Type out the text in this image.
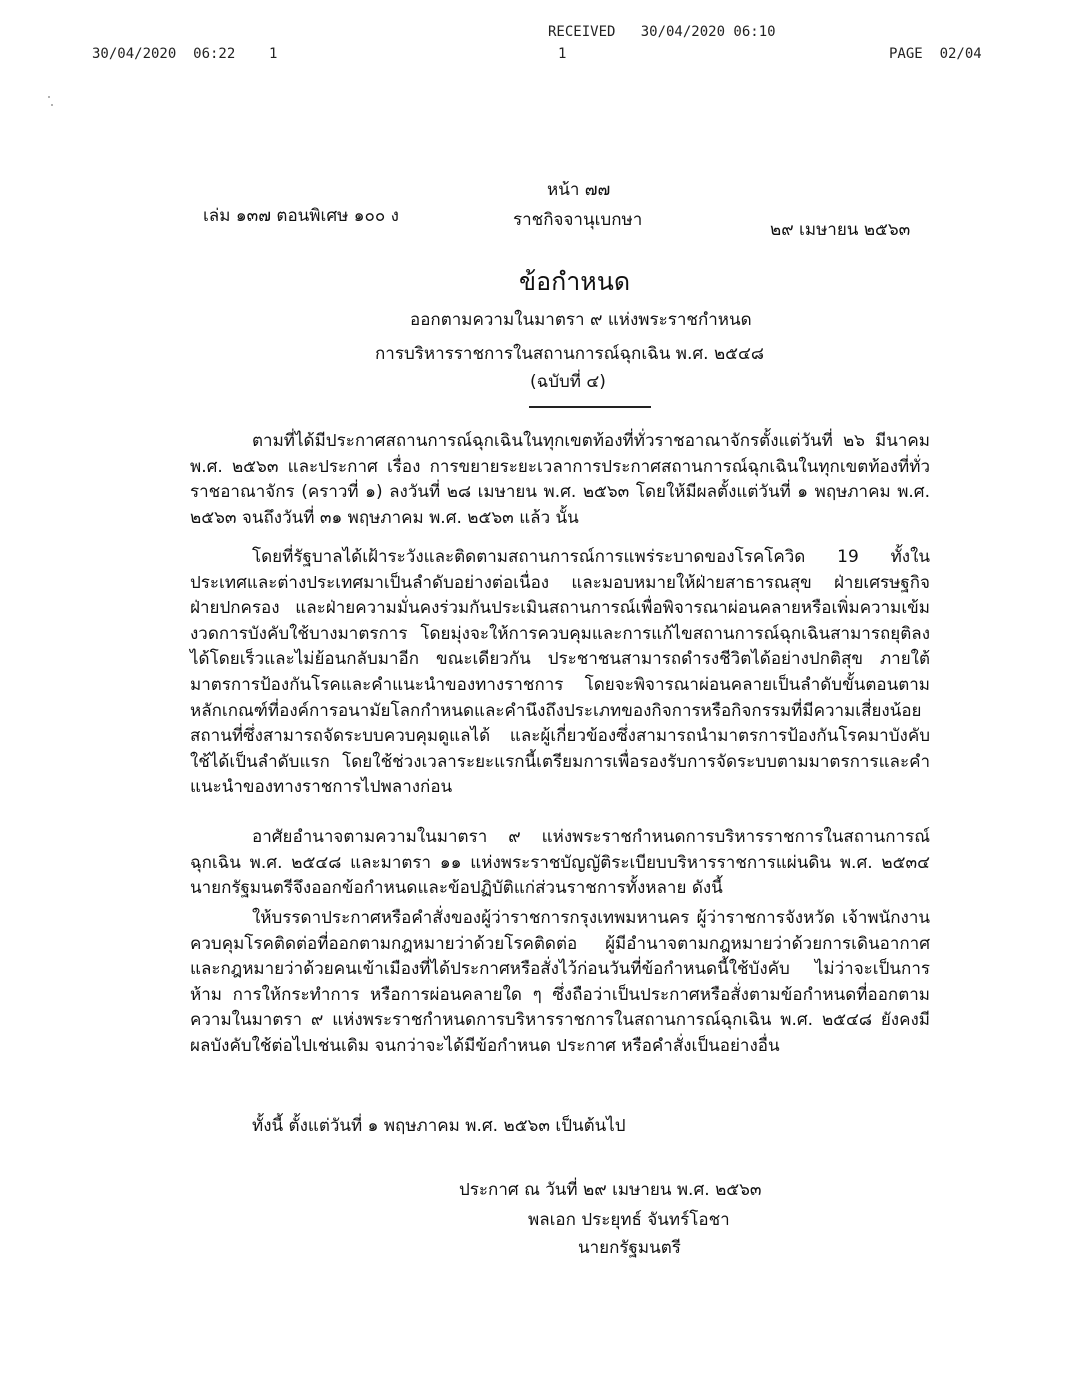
RECEIVED   30/04/2020 06:10
1
30/04/2020  06:22    1	PAGE  02/04
หน้า ๗๗
เล่ม ๑๓๗ ตอนพิเศษ ๑๐๐ ง	ราชกิจจานุเบกษา	๒๙ เมษายน ๒๕๖๓
ข้อกำหนด
ออกตามความในมาตรา ๙ แห่งพระราชกำหนด
การบริหารราชการในสถานการณ์ฉุกเฉิน พ.ศ. ๒๕๔๘
(ฉบับที่ ๔)

ตามที่ได้มีประกาศสถานการณ์ฉุกเฉินในทุกเขตท้องที่ทั่วราชอาณาจักรตั้งแต่วันที่ ๒๖ มีนาคม พ.ศ. ๒๕๖๓ และประกาศ เรื่อง การขยายระยะเวลาการประกาศสถานการณ์ฉุกเฉินในทุกเขตท้องที่ทั่วราชอาณาจักร (คราวที่ ๑) ลงวันที่ ๒๘ เมษายน พ.ศ. ๒๕๖๓ โดยให้มีผลตั้งแต่วันที่ ๑ พฤษภาคม พ.ศ. ๒๕๖๓ จนถึงวันที่ ๓๑ พฤษภาคม พ.ศ. ๒๕๖๓ แล้ว นั้น

โดยที่รัฐบาลได้เฝ้าระวังและติดตามสถานการณ์การแพร่ระบาดของโรคโควิด 19 ทั้งในประเทศและต่างประเทศมาเป็นลำดับอย่างต่อเนื่อง และมอบหมายให้ฝ่ายสาธารณสุข ฝ่ายเศรษฐกิจ ฝ่ายปกครอง และฝ่ายความมั่นคงร่วมกันประเมินสถานการณ์เพื่อพิจารณาผ่อนคลายหรือเพิ่มความเข้มงวดการบังคับใช้บางมาตรการ โดยมุ่งจะให้การควบคุมและการแก้ไขสถานการณ์ฉุกเฉินสามารถยุติลงได้โดยเร็วและไม่ย้อนกลับมาอีก ขณะเดียวกัน ประชาชนสามารถดำรงชีวิตได้อย่างปกติสุข ภายใต้มาตรการป้องกันโรคและคำแนะนำของทางราชการ โดยจะพิจารณาผ่อนคลายเป็นลำดับขั้นตอนตามหลักเกณฑ์ที่องค์การอนามัยโลกกำหนดและคำนึงถึงประเภทของกิจการหรือกิจกรรมที่มีความเสี่ยงน้อย สถานที่ซึ่งสามารถจัดระบบควบคุมดูแลได้ และผู้เกี่ยวข้องซึ่งสามารถนำมาตรการป้องกันโรคมาบังคับใช้ได้เป็นลำดับแรก โดยใช้ช่วงเวลาระยะแรกนี้เตรียมการเพื่อรองรับการจัดระบบตามมาตรการและคำแนะนำของทางราชการไปพลางก่อน

อาศัยอำนาจตามความในมาตรา ๙ แห่งพระราชกำหนดการบริหารราชการในสถานการณ์ฉุกเฉิน พ.ศ. ๒๕๔๘ และมาตรา ๑๑ แห่งพระราชบัญญัติระเบียบบริหารราชการแผ่นดิน พ.ศ. ๒๕๓๔ นายกรัฐมนตรีจึงออกข้อกำหนดและข้อปฏิบัติแก่ส่วนราชการทั้งหลาย ดังนี้

ให้บรรดาประกาศหรือคำสั่งของผู้ว่าราชการกรุงเทพมหานคร ผู้ว่าราชการจังหวัด เจ้าพนักงานควบคุมโรคติดต่อที่ออกตามกฎหมายว่าด้วยโรคติดต่อ ผู้มีอำนาจตามกฎหมายว่าด้วยการเดินอากาศและกฎหมายว่าด้วยคนเข้าเมืองที่ได้ประกาศหรือสั่งไว้ก่อนวันที่ข้อกำหนดนี้ใช้บังคับ ไม่ว่าจะเป็นการห้าม การให้กระทำการ หรือการผ่อนคลายใด ๆ ซึ่งถือว่าเป็นประกาศหรือสั่งตามข้อกำหนดที่ออกตามความในมาตรา ๙ แห่งพระราชกำหนดการบริหารราชการในสถานการณ์ฉุกเฉิน พ.ศ. ๒๕๔๘ ยังคงมีผลบังคับใช้ต่อไปเช่นเดิม จนกว่าจะได้มีข้อกำหนด ประกาศ หรือคำสั่งเป็นอย่างอื่น

ทั้งนี้ ตั้งแต่วันที่ ๑ พฤษภาคม พ.ศ. ๒๕๖๓ เป็นต้นไป

ประกาศ ณ วันที่ ๒๙ เมษายน พ.ศ. ๒๕๖๓
พลเอก ประยุทธ์ จันทร์โอชา
นายกรัฐมนตรี
